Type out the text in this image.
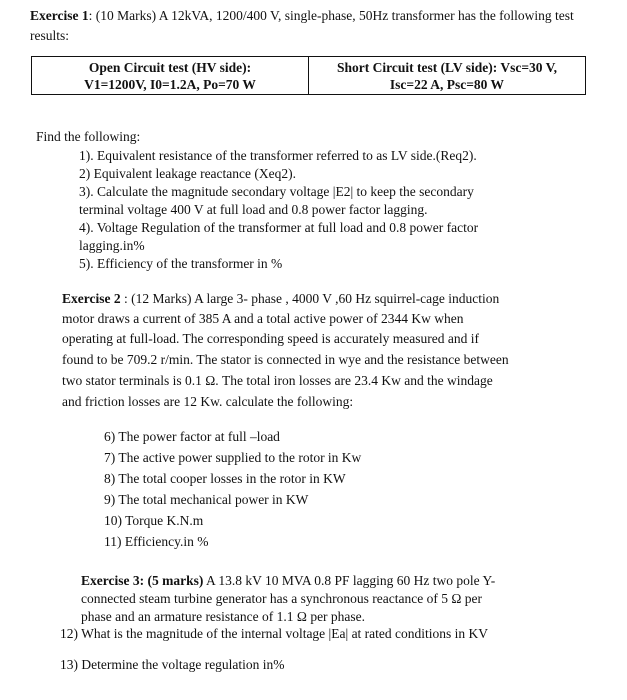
Exercise 1: (10 Marks) A 12kVA, 1200/400 V, single-phase, 50Hz transformer has the following test results:
Open Circuit test (HV side):
V1=1200V, I0=1.2A, Po=70 W
Short Circuit test (LV side): Vsc=30 V,
Isc=22 A, Psc=80 W
Find the following:
1). Equivalent resistance of the transformer referred to as LV side.(Req2).
2) Equivalent leakage reactance (Xeq2).
3). Calculate the magnitude secondary voltage |E2| to keep the secondary
terminal voltage 400 V at full load and 0.8 power factor lagging.
4). Voltage Regulation of the transformer at full load and 0.8 power factor
lagging.in%
5). Efficiency of the transformer in %
Exercise 2 : (12 Marks) A large 3- phase , 4000 V ,60 Hz squirrel-cage induction
motor draws a current of 385 A and a total active power of 2344 Kw when
operating at full-load. The corresponding speed is accurately measured and if
found to be 709.2 r/min. The stator is connected in wye and the resistance between
two stator terminals is 0.1 Ω. The total iron losses are 23.4 Kw and the windage
and friction losses are 12 Kw. calculate the following:
6) The power factor at full –load
7) The active power supplied to the rotor in Kw
8) The total cooper losses in the rotor in KW
9) The total mechanical power in KW
10) Torque K.N.m
11) Efficiency.in %
Exercise 3: (5 marks) A 13.8 kV 10 MVA 0.8 PF lagging 60 Hz two pole Y-
connected steam turbine generator has a synchronous reactance of 5 Ω per
phase and an armature resistance of 1.1 Ω per phase.
12) What is the magnitude of the internal voltage |Ea| at rated conditions in KV
13) Determine the voltage regulation in%
